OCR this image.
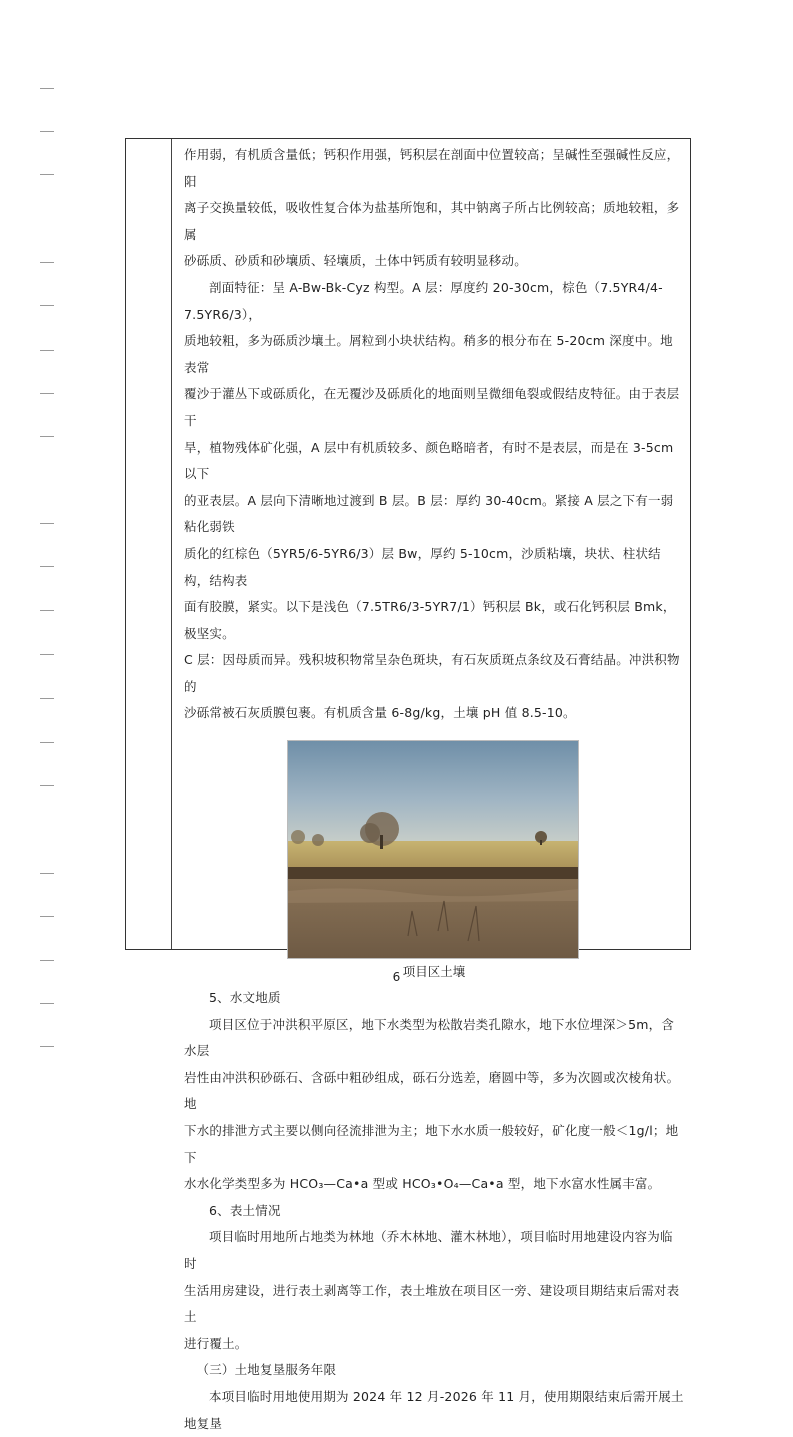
作用弱，有机质含量低；钙积作用强，钙积层在剖面中位置较高；呈碱性至强碱性反应，阳

离子交换量较低，吸收性复合体为盐基所饱和，其中钠离子所占比例较高；质地较粗，多属

砂砾质、砂质和砂壤质、轻壤质，土体中钙质有较明显移动。

剖面特征：呈 A-Bw-Bk-Cyz 构型。A 层：厚度约 20-30cm，棕色（7.5YR4/4-7.5YR6/3），

质地较粗，多为砾质沙壤土。屑粒到小块状结构。稍多的根分布在 5-20cm 深度中。地表常

覆沙于灌丛下或砾质化，在无覆沙及砾质化的地面则呈微细龟裂或假结皮特征。由于表层干

旱，植物残体矿化强，A 层中有机质较多、颜色略暗者，有时不是表层，而是在 3-5cm 以下

的亚表层。A 层向下清晰地过渡到 B 层。B 层：厚约 30-40cm。紧接 A 层之下有一弱粘化弱铁

质化的红棕色（5YR5/6-5YR6/3）层 Bw，厚约 5-10cm，沙质粘壤，块状、柱状结构，结构表

面有胶膜，紧实。以下是浅色（7.5TR6/3-5YR7/1）钙积层 Bk，或石化钙积层 Bmk，极坚实。

C 层：因母质而异。残积坡积物常呈杂色斑块，有石灰质斑点条纹及石膏结晶。冲洪积物的

沙砾常被石灰质膜包裹。有机质含量 6-8g/kg，土壤 pH 值 8.5-10。

项目区土壤

5、水文地质

项目区位于冲洪积平原区，地下水类型为松散岩类孔隙水，地下水位埋深＞5m，含水层

岩性由冲洪积砂砾石、含砾中粗砂组成，砾石分选差，磨圆中等，多为次圆或次棱角状。地

下水的排泄方式主要以侧向径流排泄为主；地下水水质一般较好，矿化度一般＜1g/l；地下

水水化学类型多为 HCO₃—Ca•a 型或 HCO₃•O₄—Ca•a 型，地下水富水性属丰富。

6、表土情况

项目临时用地所占地类为林地（乔木林地、灌木林地），项目临时用地建设内容为临时

生活用房建设，进行表土剥离等工作，表土堆放在项目区一旁、建设项目期结束后需对表土

进行覆土。

（三）土地复垦服务年限

本项目临时用地使用期为 2024 年 12 月-2026 年 11 月，使用期限结束后需开展土地复垦

6
